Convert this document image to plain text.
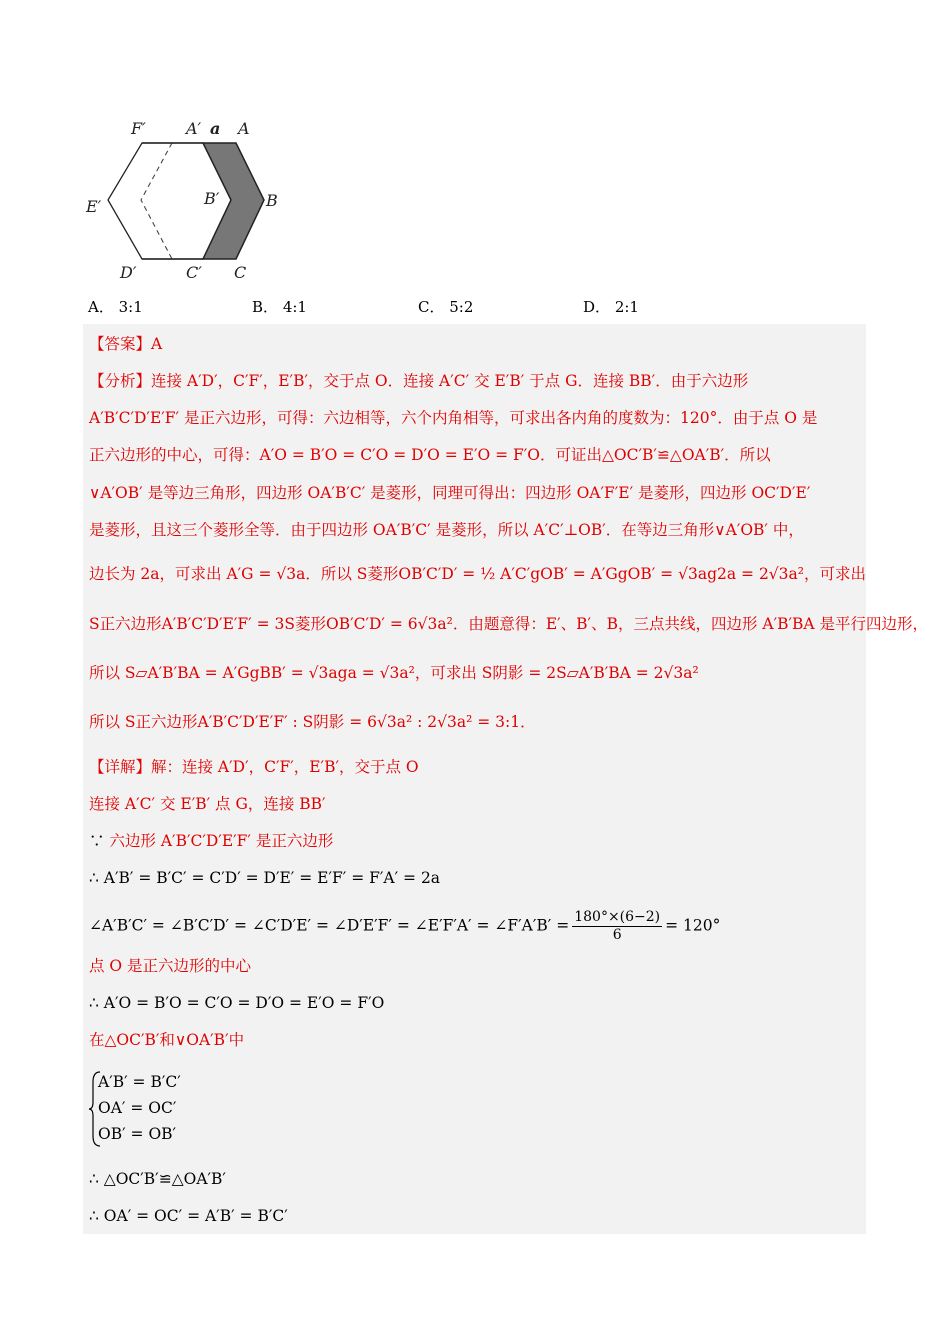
F′	A′ a A
E′	B′	B
D′	C′ C
A． 3:1	B． 4:1	C． 5:2	D． 2:1
【答案】A
【分析】连接 A′D′，C′F′，E′B′，交于点 O．连接 A′C′ 交 E′B′ 于点 G．连接 BB′．由于六边形
A′B′C′D′E′F′ 是正六边形，可得：六边相等，六个内角相等，可求出各内角的度数为：120°．由于点 O 是
正六边形的中心，可得：A′O = B′O = C′O = D′O = E′O = F′O．可证出△OC′B′≌△OA′B′．所以
∨A′OB′ 是等边三角形，四边形 OA′B′C′ 是菱形，同理可得出：四边形 OA′F′E′ 是菱形，四边形 OC′D′E′
是菱形，且这三个菱形全等．由于四边形 OA′B′C′ 是菱形，所以 A′C′⊥OB′．在等边三角形∨A′OB′ 中，
边长为 2a，可求出 A′G = √3a．所以 S菱形OB′C′D′ = ½ A′C′gOB′ = A′GgOB′ = √3ag2a = 2√3a²，可求出
S正六边形A′B′C′D′E′F′ = 3S菱形OB′C′D′ = 6√3a²．由题意得：E′、B′、B，三点共线，四边形 A′B′BA 是平行四边形，
所以 S▱A′B′BA = A′GgBB′ = √3aga = √3a²，可求出 S阴影 = 2S▱A′B′BA = 2√3a²
所以 S正六边形A′B′C′D′E′F′ : S阴影 = 6√3a² : 2√3a² = 3:1．
【详解】解：连接 A′D′，C′F′，E′B′，交于点 O
连接 A′C′ 交 E′B′ 点 G，连接 BB′
∵ 六边形 A′B′C′D′E′F′ 是正六边形
∴ A′B′ = B′C′ = C′D′ = D′E′ = E′F′ = F′A′ = 2a
∠A′B′C′ = ∠B′C′D′ = ∠C′D′E′ = ∠D′E′F′ = ∠E′F′A′ = ∠F′A′B′ = $\frac{180^\circ\times(6-2)}{6} = 120^\circ$
点 O 是正六边形的中心
∴ A′O = B′O = C′O = D′O = E′O = F′O
在△OC′B′和∨OA′B′中
A′B′ = B′C′
OA′ = OC′
OB′ = OB′
∴ △OC′B′≌△OA′B′
∴ OA′ = OC′ = A′B′ = B′C′
